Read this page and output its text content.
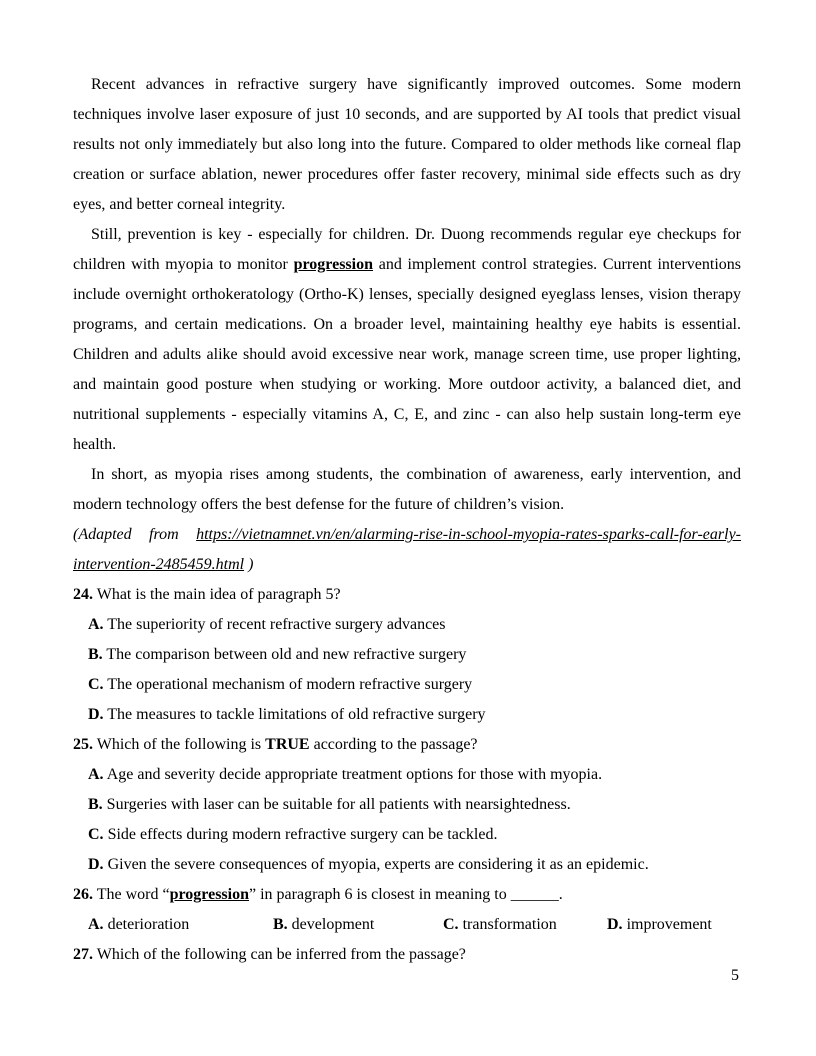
Recent advances in refractive surgery have significantly improved outcomes. Some modern techniques involve laser exposure of just 10 seconds, and are supported by AI tools that predict visual results not only immediately but also long into the future. Compared to older methods like corneal flap creation or surface ablation, newer procedures offer faster recovery, minimal side effects such as dry eyes, and better corneal integrity.

Still, prevention is key - especially for children. Dr. Duong recommends regular eye checkups for children with myopia to monitor progression and implement control strategies. Current interventions include overnight orthokeratology (Ortho-K) lenses, specially designed eyeglass lenses, vision therapy programs, and certain medications. On a broader level, maintaining healthy eye habits is essential. Children and adults alike should avoid excessive near work, manage screen time, use proper lighting, and maintain good posture when studying or working. More outdoor activity, a balanced diet, and nutritional supplements - especially vitamins A, C, E, and zinc - can also help sustain long-term eye health.

In short, as myopia rises among students, the combination of awareness, early intervention, and modern technology offers the best defense for the future of children’s vision.

(Adapted from https://vietnamnet.vn/en/alarming-rise-in-school-myopia-rates-sparks-call-for-early-intervention-2485459.html )

24. What is the main idea of paragraph 5?
A. The superiority of recent refractive surgery advances
B. The comparison between old and new refractive surgery
C. The operational mechanism of modern refractive surgery
D. The measures to tackle limitations of old refractive surgery
25. Which of the following is TRUE according to the passage?
A. Age and severity decide appropriate treatment options for those with myopia.
B. Surgeries with laser can be suitable for all patients with nearsightedness.
C. Side effects during modern refractive surgery can be tackled.
D. Given the severe consequences of myopia, experts are considering it as an epidemic.
26. The word “progression” in paragraph 6 is closest in meaning to ______.
A. deterioration	B. development	C. transformation	D. improvement
27. Which of the following can be inferred from the passage?
5
